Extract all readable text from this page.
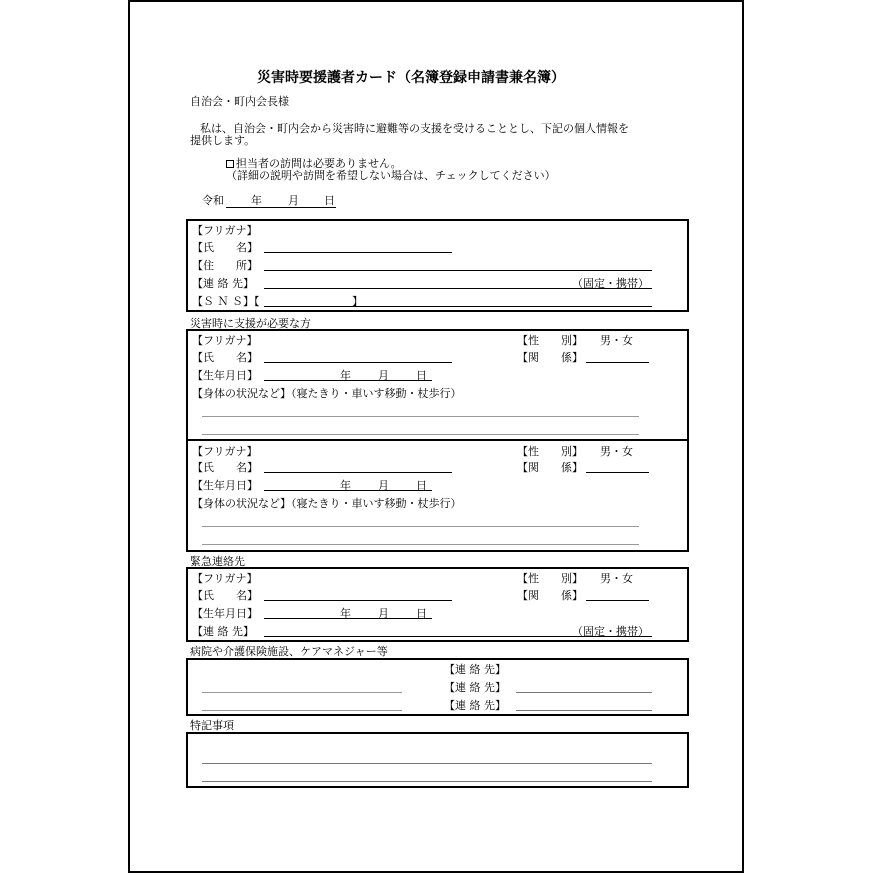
災害時要援護者カード（名簿登録申請書兼名簿）
自治会・町内会長様
私は、自治会・町内会から災害時に避難等の支援を受けることとし、下記の個人情報を
提供します。
担当者の訪問は必要ありません。
（詳細の説明や訪問を希望しない場合は、チェックしてください）
令和 年 月 日
【フリガナ】
【氏　　名】
【住　　所】
【連 絡 先】	（固定・携帯）
【Ｓ Ｎ Ｓ】【	】
災害時に支援が必要な方
【フリガナ】	【性　　別】 男・女
【氏　　名】	【関　　係】
【生年月日】	年 月 日
【身体の状況など】（寝たきり・車いす移動・杖歩行）
【フリガナ】	【性　　別】 男・女
【氏　　名】	【関　　係】
【生年月日】	年 月 日
【身体の状況など】（寝たきり・車いす移動・杖歩行）
緊急連絡先
【フリガナ】	【性　　別】 男・女
【氏　　名】	【関　　係】
【生年月日】	年 月 日
【連 絡 先】	（固定・携帯）
病院や介護保険施設、ケアマネジャー等
【連 絡 先】
【連 絡 先】
【連 絡 先】
特記事項
